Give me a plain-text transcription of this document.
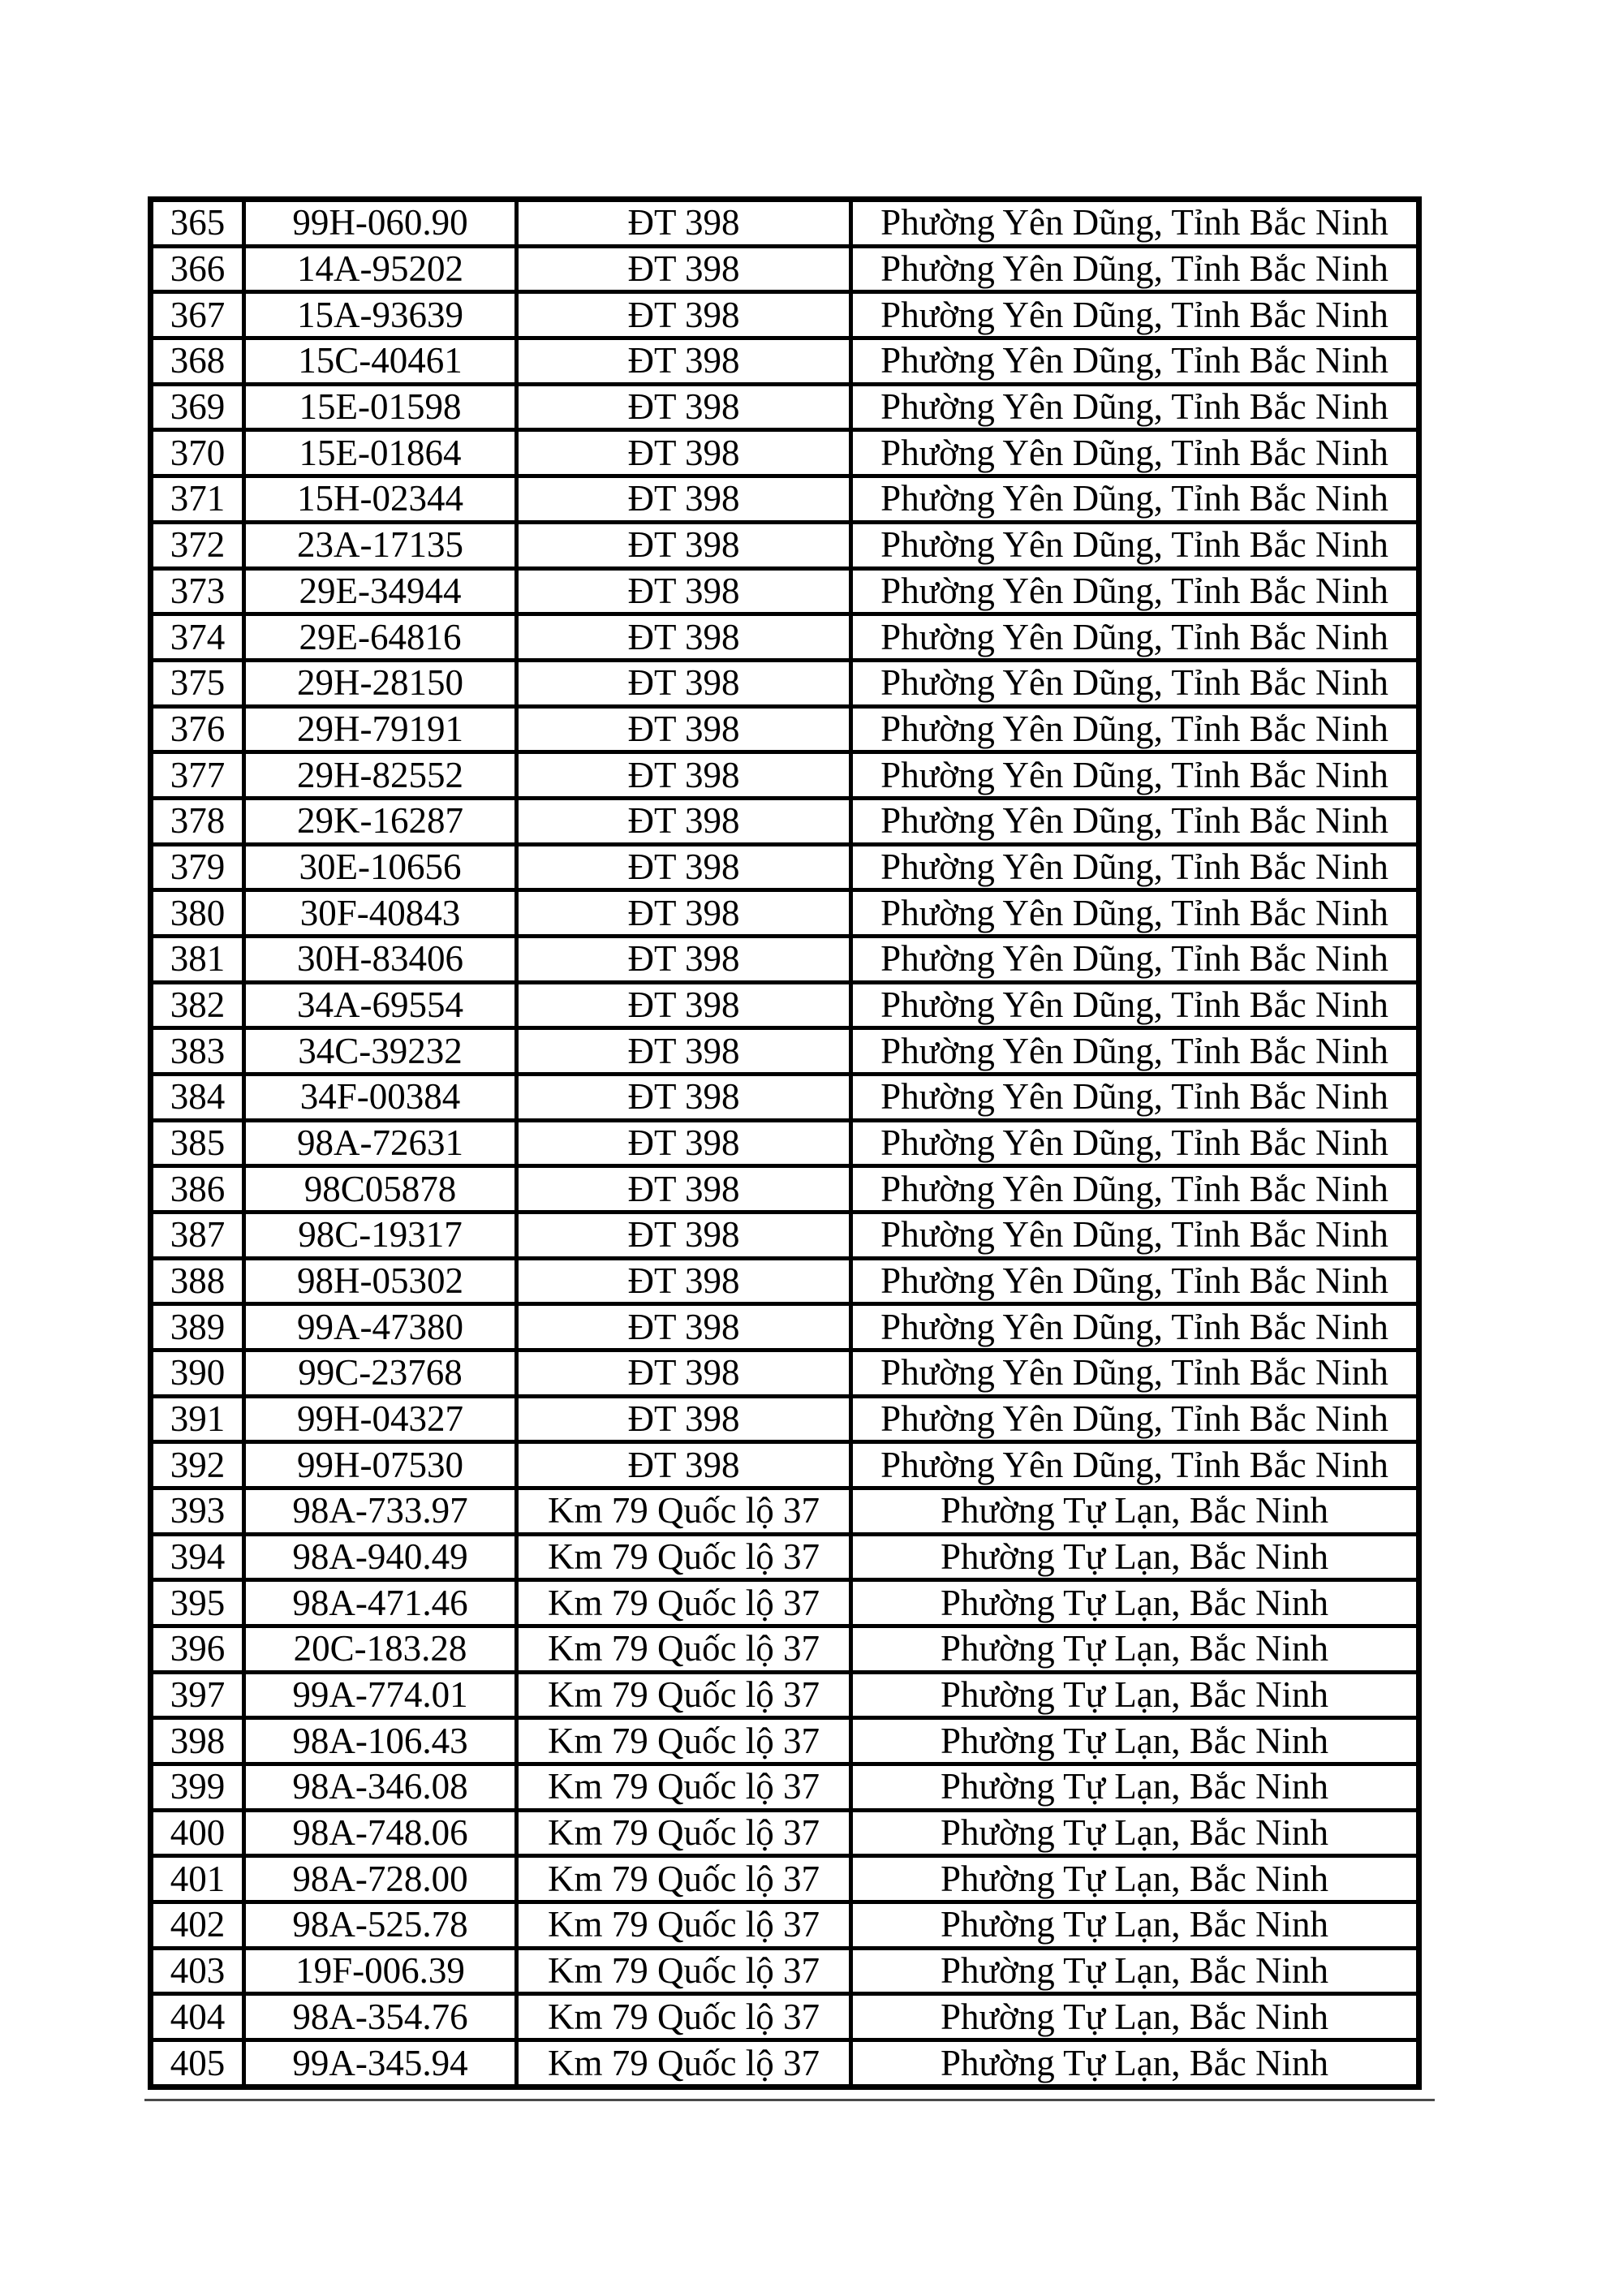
365	99H-060.90	ĐT 398	Phường Yên Dũng, Tỉnh Bắc Ninh
366	14A-95202	ĐT 398	Phường Yên Dũng, Tỉnh Bắc Ninh
367	15A-93639	ĐT 398	Phường Yên Dũng, Tỉnh Bắc Ninh
368	15C-40461	ĐT 398	Phường Yên Dũng, Tỉnh Bắc Ninh
369	15E-01598	ĐT 398	Phường Yên Dũng, Tỉnh Bắc Ninh
370	15E-01864	ĐT 398	Phường Yên Dũng, Tỉnh Bắc Ninh
371	15H-02344	ĐT 398	Phường Yên Dũng, Tỉnh Bắc Ninh
372	23A-17135	ĐT 398	Phường Yên Dũng, Tỉnh Bắc Ninh
373	29E-34944	ĐT 398	Phường Yên Dũng, Tỉnh Bắc Ninh
374	29E-64816	ĐT 398	Phường Yên Dũng, Tỉnh Bắc Ninh
375	29H-28150	ĐT 398	Phường Yên Dũng, Tỉnh Bắc Ninh
376	29H-79191	ĐT 398	Phường Yên Dũng, Tỉnh Bắc Ninh
377	29H-82552	ĐT 398	Phường Yên Dũng, Tỉnh Bắc Ninh
378	29K-16287	ĐT 398	Phường Yên Dũng, Tỉnh Bắc Ninh
379	30E-10656	ĐT 398	Phường Yên Dũng, Tỉnh Bắc Ninh
380	30F-40843	ĐT 398	Phường Yên Dũng, Tỉnh Bắc Ninh
381	30H-83406	ĐT 398	Phường Yên Dũng, Tỉnh Bắc Ninh
382	34A-69554	ĐT 398	Phường Yên Dũng, Tỉnh Bắc Ninh
383	34C-39232	ĐT 398	Phường Yên Dũng, Tỉnh Bắc Ninh
384	34F-00384	ĐT 398	Phường Yên Dũng, Tỉnh Bắc Ninh
385	98A-72631	ĐT 398	Phường Yên Dũng, Tỉnh Bắc Ninh
386	98C05878	ĐT 398	Phường Yên Dũng, Tỉnh Bắc Ninh
387	98C-19317	ĐT 398	Phường Yên Dũng, Tỉnh Bắc Ninh
388	98H-05302	ĐT 398	Phường Yên Dũng, Tỉnh Bắc Ninh
389	99A-47380	ĐT 398	Phường Yên Dũng, Tỉnh Bắc Ninh
390	99C-23768	ĐT 398	Phường Yên Dũng, Tỉnh Bắc Ninh
391	99H-04327	ĐT 398	Phường Yên Dũng, Tỉnh Bắc Ninh
392	99H-07530	ĐT 398	Phường Yên Dũng, Tỉnh Bắc Ninh
393	98A-733.97	Km 79 Quốc lộ 37	Phường Tự Lạn, Bắc Ninh
394	98A-940.49	Km 79 Quốc lộ 37	Phường Tự Lạn, Bắc Ninh
395	98A-471.46	Km 79 Quốc lộ 37	Phường Tự Lạn, Bắc Ninh
396	20C-183.28	Km 79 Quốc lộ 37	Phường Tự Lạn, Bắc Ninh
397	99A-774.01	Km 79 Quốc lộ 37	Phường Tự Lạn, Bắc Ninh
398	98A-106.43	Km 79 Quốc lộ 37	Phường Tự Lạn, Bắc Ninh
399	98A-346.08	Km 79 Quốc lộ 37	Phường Tự Lạn, Bắc Ninh
400	98A-748.06	Km 79 Quốc lộ 37	Phường Tự Lạn, Bắc Ninh
401	98A-728.00	Km 79 Quốc lộ 37	Phường Tự Lạn, Bắc Ninh
402	98A-525.78	Km 79 Quốc lộ 37	Phường Tự Lạn, Bắc Ninh
403	19F-006.39	Km 79 Quốc lộ 37	Phường Tự Lạn, Bắc Ninh
404	98A-354.76	Km 79 Quốc lộ 37	Phường Tự Lạn, Bắc Ninh
405	99A-345.94	Km 79 Quốc lộ 37	Phường Tự Lạn, Bắc Ninh
